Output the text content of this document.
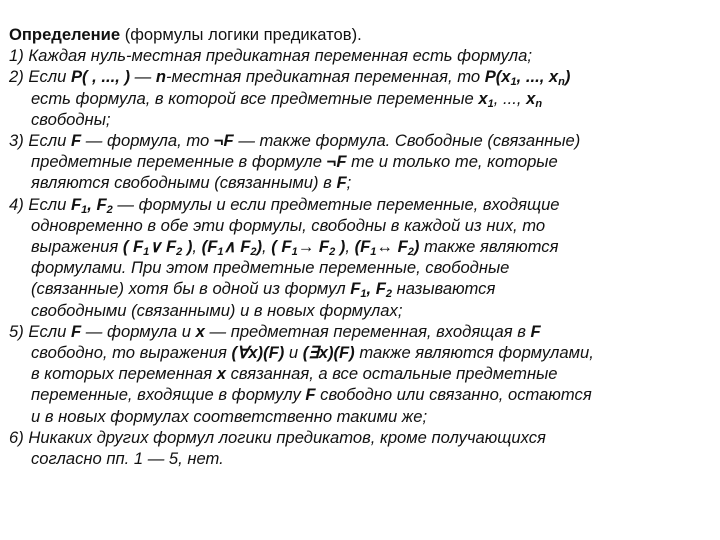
Определение (формулы логики предикатов).
1) Каждая нуль-местная предикатная переменная есть формула;
2) Если P( , ..., ) — n-местная предикатная переменная, то $P(x_1$, ..., $x_n$)
есть формула, в которой все предметные переменные $x_1$, ..., $x_n$
свободны;
3) Если F — формула, то ¬F — также формула. Свободные (связанные)
предметные переменные в формуле ¬F те и только те, которые
являются свободными (связанными) в F;
4) Если $F_1$, $F_2$ — формулы и если предметные переменные, входящие
одновременно в обе эти формулы, свободны в каждой из них, то
выражения ( $F_1\vee$ $F_2$ ), ($F_1\wedge$ $F_2$), ( $F_1\to F_2$ ), ($F_1\leftrightarrow$ $F_2$) также являются
формулами. При этом предметные переменные, свободные
(связанные) хотя бы в одной из формул $F_1$, $F_2$ называются
свободными (связанными) и в новых формулах;
5) Если F — формула и x — предметная переменная, входящая в F
свободно, то выражения (∀x)(F) и (∃x)(F) также являются формулами,
в которых переменная x связанная, а все остальные предметные
переменные, входящие в формулу F свободно или связанно, остаются
и в новых формулах соответственно такими же;
6) Никаких других формул логики предикатов, кроме получающихся
согласно пп. 1 — 5, нет.
